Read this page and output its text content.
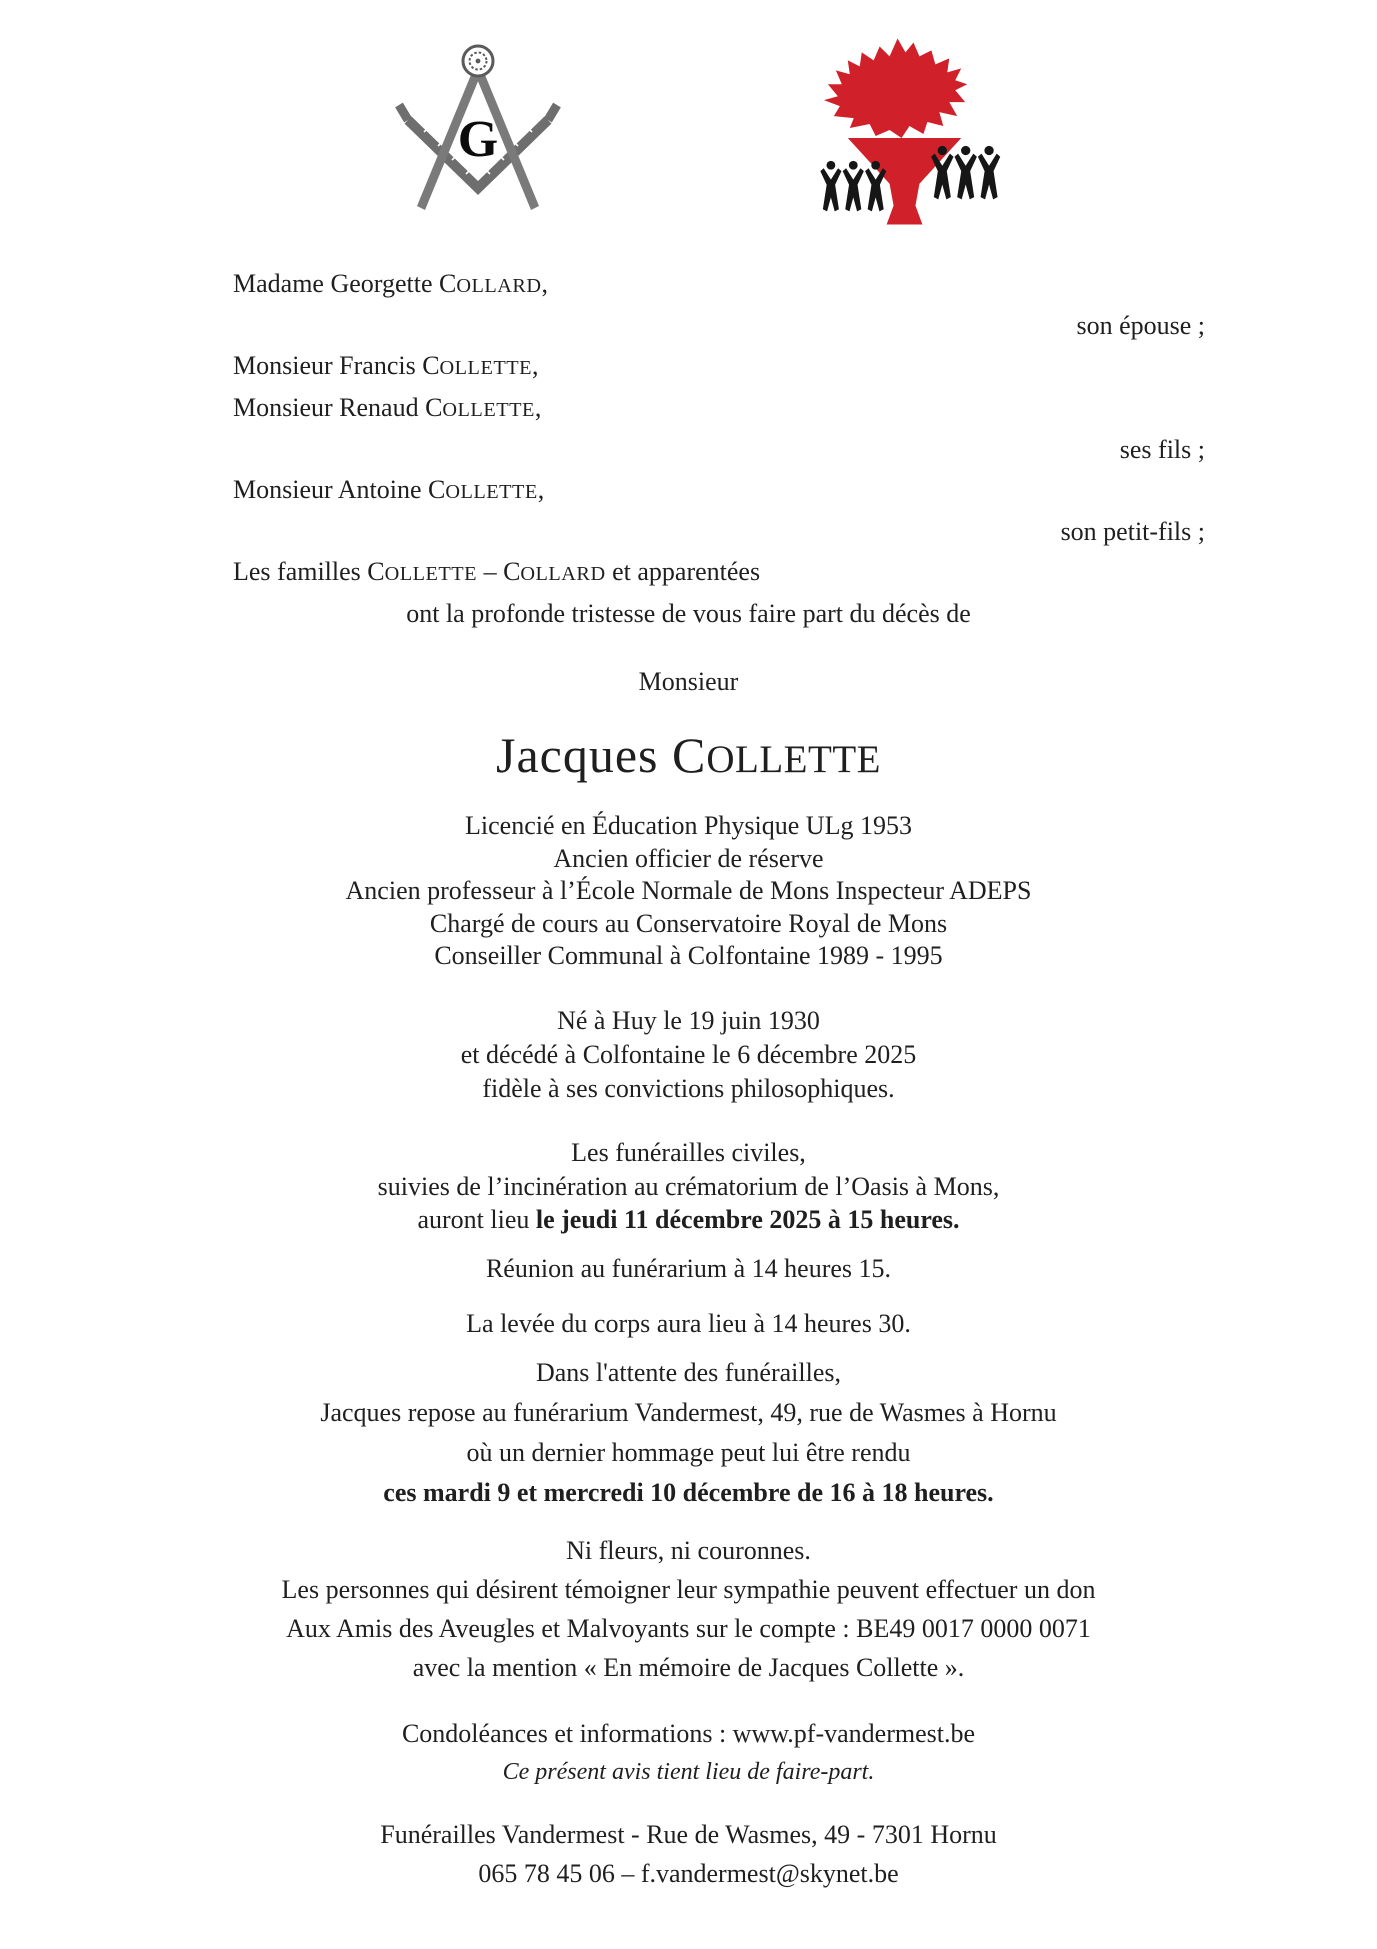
G
Madame Georgette COLLARD,
son épouse ;
Monsieur Francis COLLETTE,
Monsieur Renaud COLLETTE,
ses fils ;
Monsieur Antoine COLLETTE,
son petit-fils ;
Les familles COLLETTE – COLLARD et apparentées
ont la profonde tristesse de vous faire part du décès de
Monsieur
Jacques COLLETTE
Licencié en Éducation Physique ULg 1953
Ancien officier de réserve
Ancien professeur à l’École Normale de Mons Inspecteur ADEPS
Chargé de cours au Conservatoire Royal de Mons
Conseiller Communal à Colfontaine 1989 - 1995
Né à Huy le 19 juin 1930
et décédé à Colfontaine le 6 décembre 2025
fidèle à ses convictions philosophiques.
Les funérailles civiles,
suivies de l’incinération au crématorium de l’Oasis à Mons,
auront lieu le jeudi 11 décembre 2025 à 15 heures.
Réunion au funérarium à 14 heures 15.
La levée du corps aura lieu à 14 heures 30.
Dans l'attente des funérailles,
Jacques repose au funérarium Vandermest, 49, rue de Wasmes à Hornu
où un dernier hommage peut lui être rendu
ces mardi 9 et mercredi 10 décembre de 16 à 18 heures.
Ni fleurs, ni couronnes.
Les personnes qui désirent témoigner leur sympathie peuvent effectuer un don
Aux Amis des Aveugles et Malvoyants sur le compte : BE49 0017 0000 0071
avec la mention « En mémoire de Jacques Collette ».
Condoléances et informations : www.pf-vandermest.be
Ce présent avis tient lieu de faire-part.
Funérailles Vandermest - Rue de Wasmes, 49 - 7301 Hornu
065 78 45 06 – f.vandermest@skynet.be
